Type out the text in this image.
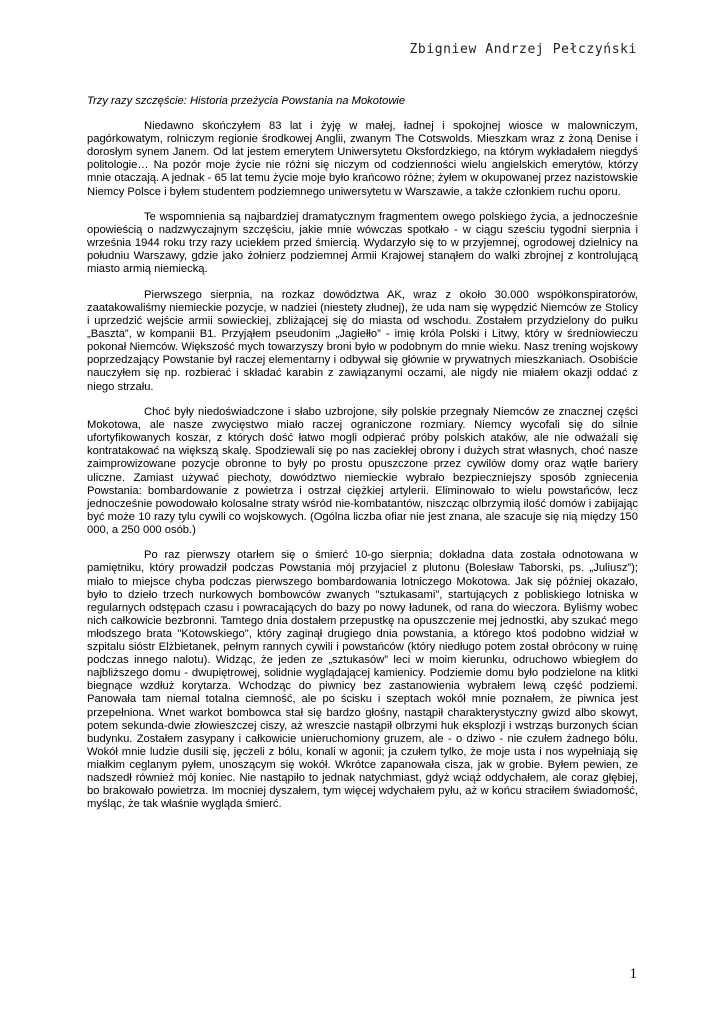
Zbigniew Andrzej Pełczyński

Trzy razy szczęście: Historia przeżycia Powstania na Mokotowie

Niedawno skończyłem 83 lat i żyję w małej, ładnej i spokojnej wiosce w malowniczym, pagórkowatym, rolniczym regionie środkowej Anglii, zwanym The Cotswolds. Mieszkam wraz z żoną Denise i dorosłym synem Janem. Od lat jestem emerytem Uniwersytetu Oksfordzkiego, na którym wykładałem niegdyś politologie… Na pozór moje życie nie różni się niczym od codzienności wielu angielskich emerytów, którzy mnie otaczają. A jednak - 65 lat temu życie moje było krańcowo różne; żyłem w okupowanej przez nazistowskie Niemcy Polsce i byłem studentem podziemnego uniwersytetu w Warszawie, a także członkiem ruchu oporu.

Te wspomnienia są najbardziej dramatycznym fragmentem owego polskiego życia, a jednocześnie opowieścią o nadzwyczajnym szczęściu, jakie mnie wówczas spotkało - w ciągu sześciu tygodni sierpnia i września 1944 roku trzy razy uciekłem przed śmiercią. Wydarzyło się to w przyjemnej, ogrodowej dzielnicy na południu Warszawy, gdzie jako żołnierz podziemnej Armii Krajowej stanąłem do walki zbrojnej z kontrolującą miasto armią niemiecką.

Pierwszego sierpnia, na rozkaz dowództwa AK, wraz z około 30.000 współkonspiratorów, zaatakowaliśmy niemieckie pozycje, w nadziei (niestety złudnej), że uda nam się wypędzić Niemców ze Stolicy i uprzedzić wejście armii sowieckiej, zbliżającej się do miasta od wschodu. Zostałem przydzielony do pułku „Baszta”, w kompanii B1. Przyjąłem pseudonim „Jagiełło” - imię króla Polski i Litwy, który w średniowieczu pokonał Niemców. Większość mych towarzyszy broni było w podobnym do mnie wieku. Nasz trening wojskowy poprzedzający Powstanie był raczej elementarny i odbywał się głównie w prywatnych mieszkaniach. Osobiście nauczyłem się np. rozbierać i składać karabin z zawiązanymi oczami, ale nigdy nie miałem okazji oddać z niego strzału.

Choć były niedoświadczone i słabo uzbrojone, siły polskie przegnały Niemców ze znacznej części Mokotowa, ale nasze zwycięstwo miało raczej ograniczone rozmiary. Niemcy wycofali się do silnie ufortyfikowanych koszar, z których dość łatwo mogli odpierać próby polskich ataków, ale nie odważali się kontratakować na większą skalę. Spodziewali się po nas zaciekłej obrony i dużych strat własnych, choć nasze zaimprowizowane pozycje obronne to były po prostu opuszczone przez cywilów domy oraz wątłe bariery uliczne. Zamiast używać piechoty, dowództwo niemieckie wybrało bezpieczniejszy sposób zgniecenia Powstania: bombardowanie z powietrza i ostrzał ciężkiej artylerii. Eliminowało to wielu powstańców, lecz jednocześnie powodowało kolosalne straty wśród nie-kombatantów, niszcząc olbrzymią ilość domów i zabijając być może 10 razy tylu cywili co wojskowych. (Ogólna liczba ofiar nie jest znana, ale szacuje się nią między 150 000, a 250 000 osób.)

Po raz pierwszy otarłem się o śmierć 10-go sierpnia; dokładna data została odnotowana w pamiętniku, który prowadził podczas Powstania mój przyjaciel z plutonu (Bolesław Taborski, ps. „Juliusz”); miało to miejsce chyba podczas pierwszego bombardowania lotniczego Mokotowa. Jak się później okazało, było to dzieło trzech nurkowych bombowców zwanych "sztukasami", startujących z pobliskiego lotniska w regularnych odstępach czasu i powracających do bazy po nowy ładunek, od rana do wieczora. Byliśmy wobec nich całkowicie bezbronni. Tamtego dnia dostałem przepustkę na opuszczenie mej jednostki, aby szukać mego młodszego brata "Kotowskiego", który zaginął drugiego dnia powstania, a którego ktoś podobno widział w szpitalu sióstr Elżbietanek, pełnym rannych cywili i powstańców (który niedługo potem został obrócony w ruinę podczas innego nalotu). Widząc, że jeden ze „sztukasów” leci w moim kierunku, odruchowo wbiegłem do najbliższego domu - dwupiętrowej, solidnie wyglądającej kamienicy. Podziemie domu było podzielone na klitki biegnące wzdłuż korytarza. Wchodząc do piwnicy bez zastanowienia wybrałem lewą część podziemi. Panowała tam niemal totalna ciemność, ale po ścisku i szeptach wokół mnie poznałem, że piwnica jest przepełniona. Wnet warkot bombowca stał się bardzo głośny, nastąpił charakterystyczny gwizd albo skowyt, potem sekunda-dwie złowieszczej ciszy, aż wreszcie nastąpił olbrzymi huk eksplozji i wstrząs burzonych ścian budynku. Zostałem zasypany i całkowicie unieruchomiony gruzem, ale - o dziwo - nie czułem żadnego bólu. Wokół mnie ludzie dusili się, jęczeli z bólu, konali w agonii; ja czułem tylko, że moje usta i nos wypełniają się miałkim ceglanym pyłem, unoszącym się wokół. Wkrótce zapanowała cisza, jak w grobie. Byłem pewien, ze nadszedł również mój koniec. Nie nastąpiło to jednak natychmiast, gdyż wciąż oddychałem, ale coraz głębiej, bo brakowało powietrza. Im mocniej dyszałem, tym więcej wdychałem pyłu, aż w końcu straciłem świadomość, myśląc, że tak właśnie wygląda śmierć.

1
